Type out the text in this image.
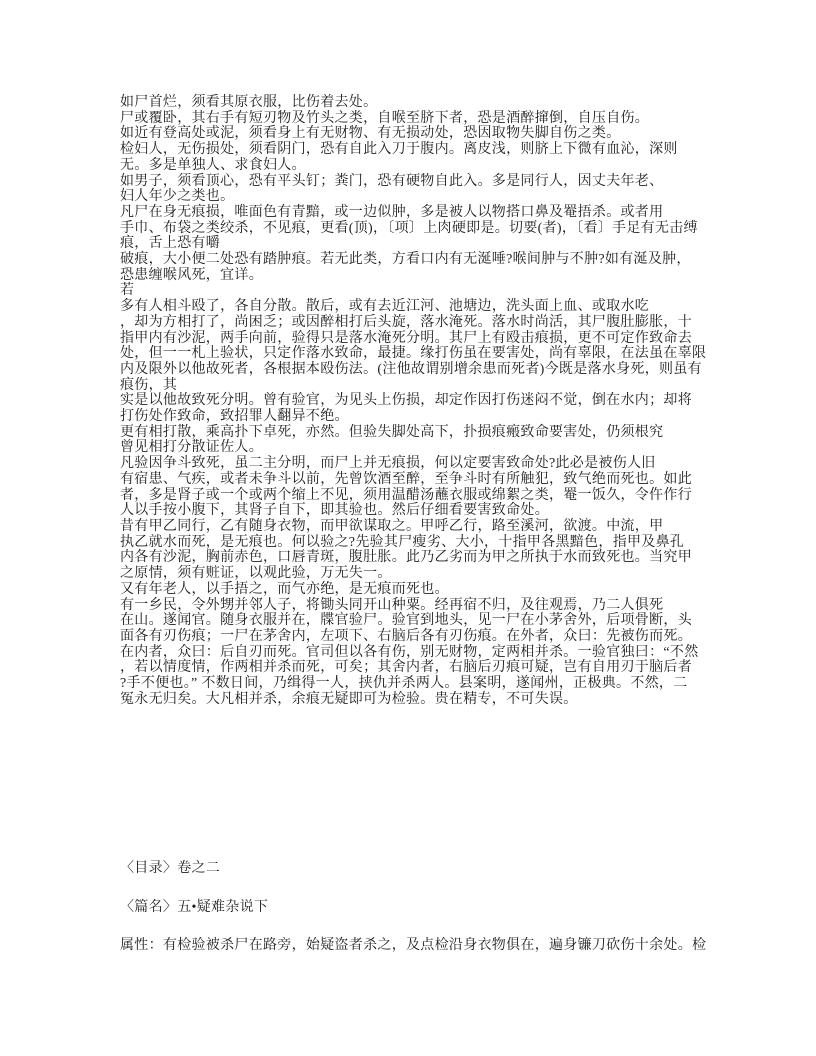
如尸首烂，须看其原衣服，比伤着去处。
尸或覆卧，其右手有短刃物及竹头之类，自喉至脐下者，恐是酒醉撺倒，自压自伤。
如近有登高处或泥，须看身上有无财物、有无损动处，恐因取物失脚自伤之类。
检妇人，无伤损处，须看阴门，恐有自此入刀于腹内。离皮浅，则脐上下微有血沁，深则
无。多是单独人、求食妇人。
如男子，须看顶心，恐有平头钉；粪门，恐有硬物自此入。多是同行人，因丈夫年老、
妇人年少之类也。
凡尸在身无痕损，唯面色有青黯，或一边似肿，多是被人以物搭口鼻及罨捂杀。或者用
手巾、布袋之类绞杀，不见痕，更看(顶)，〔项〕上肉硬即是。切要(者)，〔看〕手足有无击缚
痕，舌上恐有嚼
破痕，大小便二处恐有踏肿痕。若无此类，方看口内有无涎唾?喉间肿与不肿?如有涎及肿，
恐患缠喉风死，宜详。
若
多有人相斗殴了，各自分散。散后，或有去近江河、池塘边，洗头面上血、或取水吃
，却为方相打了，尚困乏；或因醉相打后头旋，落水淹死。落水时尚活，其尸腹肚膨胀，十
指甲内有沙泥，两手向前，验得只是落水淹死分明。其尸上有殴击痕损，更不可定作致命去
处，但一一札上验状，只定作落水致命，最捷。缘打伤虽在要害处，尚有辜限，在法虽在辜限
内及限外以他故死者，各根据本殴伤法。(注他故谓别增余患而死者)今既是落水身死，则虽有
痕伤，其
实是以他故致死分明。曾有验官，为见头上伤损，却定作因打伤迷闷不觉，倒在水内；却将
打伤处作致命，致招罪人翻异不绝。
更有相打散，乘高扑下卓死，亦然。但验失脚处高下，扑损痕瘢致命要害处，仍须根究
曾见相打分散证佐人。
凡验因争斗致死，虽二主分明，而尸上并无痕损，何以定要害致命处?此必是被伤人旧
有宿患、气疾，或者未争斗以前，先曾饮酒至醉，至争斗时有所触犯，致气绝而死也。如此
者，多是肾子或一个或两个缩上不见，须用温醋汤蘸衣服或绵絮之类，罨一饭久，令仵作行
人以手按小腹下，其肾子自下，即其验也。然后仔细看要害致命处。
昔有甲乙同行，乙有随身衣物，而甲欲谋取之。甲呼乙行，路至溪河，欲渡。中流，甲
执乙就水而死，是无痕也。何以验之?先验其尸瘦劣、大小，十指甲各黑黯色，指甲及鼻孔
内各有沙泥，胸前赤色，口唇青斑，腹肚胀。此乃乙劣而为甲之所执于水而致死也。当究甲
之原情，须有赃证，以观此验，万无失一。
又有年老人，以手捂之，而气亦绝，是无痕而死也。
有一乡民，令外甥并邻人子，将锄头同开山种粟。经再宿不归，及往观焉，乃二人俱死
在山。遂闻官。随身衣服并在，牒官验尸。验官到地头，见一尸在小茅舍外，后项骨断，头
面各有刃伤痕；一尸在茅舍内，左项下、右脑后各有刃伤痕。在外者，众曰：先被伤而死。
在内者，众曰：后自刃而死。官司但以各有伤，别无财物，定两相并杀。一验官独曰：“不然
，若以情度情，作两相并杀而死，可矣；其舍内者，右脑后刃痕可疑，岂有自用刃于脑后者
?手不便也。” 不数日间，乃缉得一人，挟仇并杀两人。县案明，遂闻州，正极典。不然，二
冤永无归矣。大凡相并杀，余痕无疑即可为检验。贵在精专，不可失误。
〈目录〉卷之二
〈篇名〉五•疑难杂说下
属性：有检验被杀尸在路旁，始疑盗者杀之，及点检沿身衣物俱在，遍身镰刀砍伤十余处。检
